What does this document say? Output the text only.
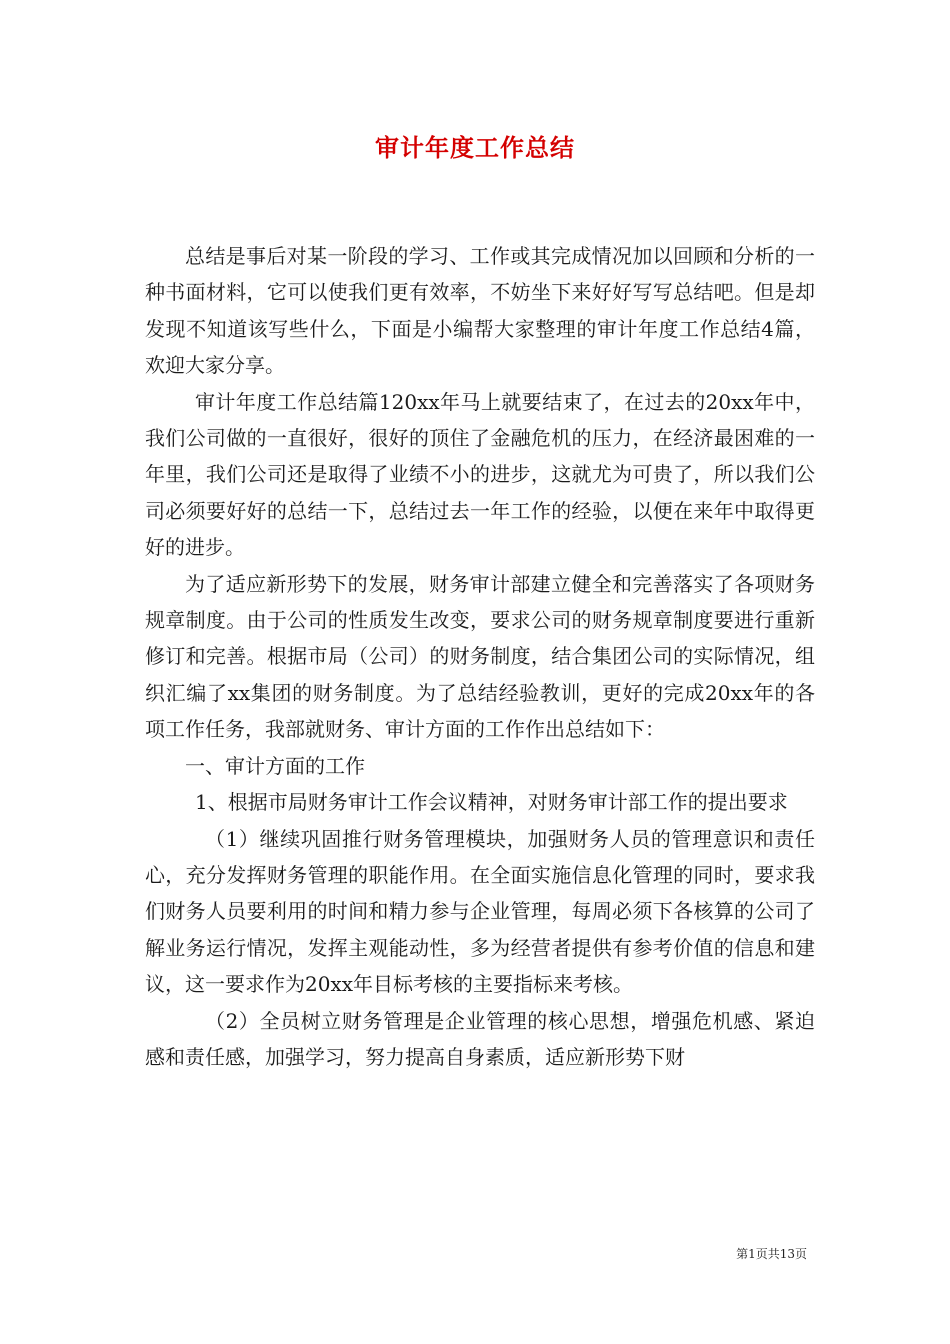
审计年度工作总结

总结是事后对某一阶段的学习、工作或其完成情况加以回顾和分析的一种书面材料，它可以使我们更有效率，不妨坐下来好好写写总结吧。但是却发现不知道该写些什么，下面是小编帮大家整理的审计年度工作总结4篇，欢迎大家分享。

审计年度工作总结篇120xx年马上就要结束了，在过去的20xx年中，我们公司做的一直很好，很好的顶住了金融危机的压力，在经济最困难的一年里，我们公司还是取得了业绩不小的进步，这就尤为可贵了，所以我们公司必须要好好的总结一下，总结过去一年工作的经验，以便在来年中取得更好的进步。

为了适应新形势下的发展，财务审计部建立健全和完善落实了各项财务规章制度。由于公司的性质发生改变，要求公司的财务规章制度要进行重新修订和完善。根据市局（公司）的财务制度，结合集团公司的实际情况，组织汇编了xx集团的财务制度。为了总结经验教训，更好的完成20xx年的各项工作任务，我部就财务、审计方面的工作作出总结如下：

一、审计方面的工作

1、根据市局财务审计工作会议精神，对财务审计部工作的提出要求

（1）继续巩固推行财务管理模块，加强财务人员的管理意识和责任心，充分发挥财务管理的职能作用。在全面实施信息化管理的同时，要求我们财务人员要利用的时间和精力参与企业管理，每周必须下各核算的公司了解业务运行情况，发挥主观能动性，多为经营者提供有参考价值的信息和建议，这一要求作为20xx年目标考核的主要指标来考核。

（2）全员树立财务管理是企业管理的核心思想，增强危机感、紧迫感和责任感，加强学习，努力提高自身素质，适应新形势下财

第1页共13页
